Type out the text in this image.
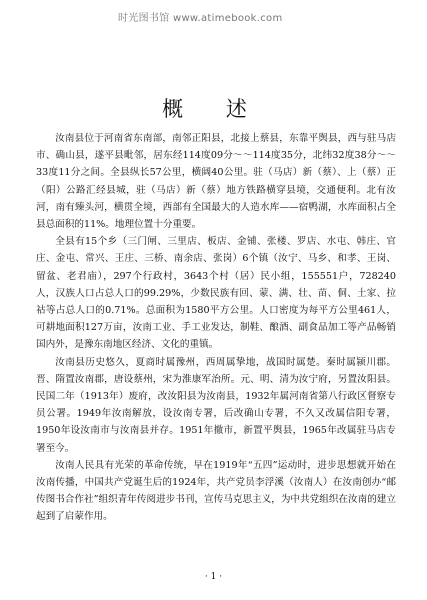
时光图书馆 www.atimebook.com
概 述

汝南县位于河南省东南部，南邻正阳县，北接上蔡县，东靠平舆县，西与驻马店市、确山县，遂平县毗邻，居东经114度09分～～114度35分，北纬32度38分～～33度11分之间。全县纵长57公里，横阔40公里。驻（马店）新（蔡）、上（蔡）正（阳）公路汇经县城，驻（马店）新（蔡）地方铁路横穿县境，交通便利。北有汝河，南有臻头河，横贯全境，西部有全国最大的人造水库——宿鸭湖，水库面积占全县总面积的11%。地理位置十分重要。

全县有15个乡（三门闸、三里店、板店、金铺、张楼、罗店、水屯、韩庄、官庄、金屯、常兴、王庄、三桥、南余店、张岗）6个镇（汝宁、马乡、和孝、王岗、留盆、老君庙），297个行政村，3643个村（居）民小组，155551户，728240人，汉族人口占总人口的99.29%，少数民族有回、蒙、满、壮、苗、侗、土家、拉祜等占总人口的0.71%。总面积为1580平方公里。人口密度为每平方公里461人，可耕地面积127万亩，汝南工业、手工业发达，制鞋、酿酒、副食品加工等产品畅销国内外，是豫东南地区经济、文化的重镇。

汝南县历史悠久，夏商时属豫州，西周属挚地，战国时属楚。秦时属颍川郡。晋、隋置汝南郡，唐设蔡州，宋为淮康军治所。元、明、清为汝宁府，另置汝阳县。民国二年（1913年）废府，改汝阳县为汝南县，1932年属河南省第八行政区督察专员公署。1949年汝南解放，设汝南专署，后改确山专署，不久又改属信阳专署，1950年设汝南市与汝南县并存。1951年撤市，新置平舆县，1965年改属驻马店专署至今。

汝南人民具有光荣的革命传统，早在1919年“五四”运动时，进步思想就开始在汝南传播，中国共产党诞生后的1924年，共产党员李浮溪（汝南人）在汝南创办“邮传图书合作社”组织青年传阅进步书刊，宣传马克思主义，为中共党组织在汝南的建立起到了启蒙作用。

· 1 ·
